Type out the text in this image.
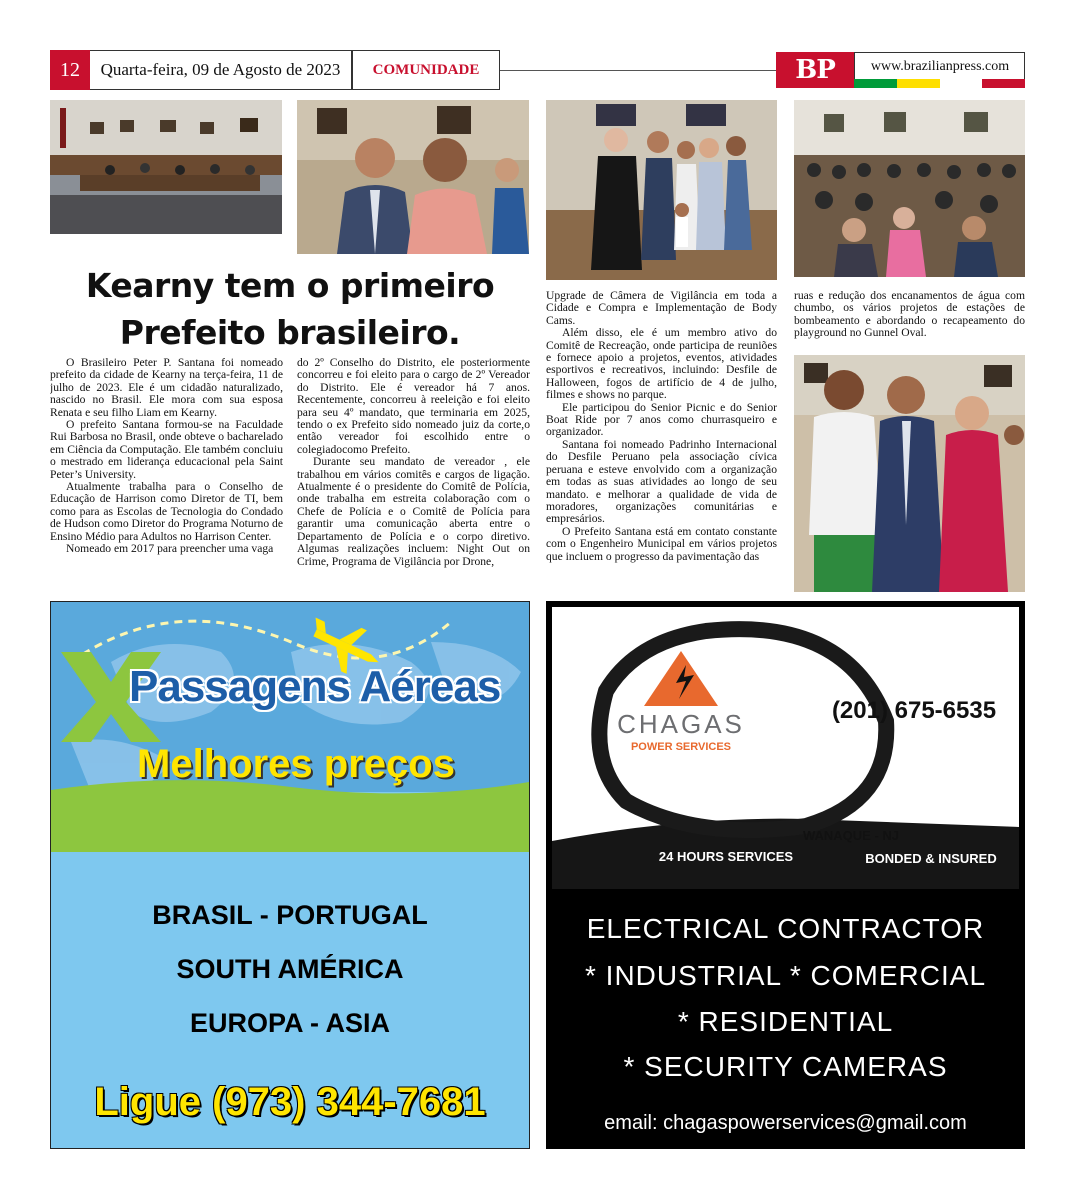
12	Quarta-feira, 09 de Agosto de 2023	COMUNIDADE	BP	www.brazilianpress.com
Kearny tem o primeiro Prefeito brasileiro.

O Brasileiro Peter P. Santana foi nomeado prefeito da cidade de Kearny na terça-feira, 11 de julho de 2023. Ele é um cidadão naturalizado, nascido no Brasil. Ele mora com sua esposa Renata e seu filho Liam em Kearny.

O prefeito Santana formou-se na Faculdade Rui Barbosa no Brasil, onde obteve o bacharelado em Ciência da Computação. Ele também concluiu o mestrado em liderança educacional pela Saint Peter’s University.

Atualmente trabalha para o Conselho de Educação de Harrison como Diretor de TI, bem como para as Escolas de Tecnologia do Condado de Hudson como Diretor do Programa Noturno de Ensino Médio para Adultos no Harrison Center.

Nomeado em 2017 para preencher uma vaga

do 2º Conselho do Distrito, ele posteriormente concorreu e foi eleito para o cargo de 2º Vereador do Distrito. Ele é vereador há 7 anos. Recentemente, concorreu à reeleição e foi eleito para seu 4º mandato, que terminaria em 2025, tendo o ex Prefeito sido nomeado juiz da corte,o então vereador foi escolhido entre o colegiadocomo Prefeito.

Durante seu mandato de vereador , ele trabalhou em vários comitês e cargos de ligação. Atualmente é o presidente do Comitê de Polícia, onde trabalha em estreita colaboração com o Chefe de Polícia e o Comitê de Polícia para garantir uma comunicação aberta entre o Departamento de Polícia e o corpo diretivo. Algumas realizações incluem: Night Out on Crime, Programa de Vigilância por Drone,

Upgrade de Câmera de Vigilância em toda a Cidade e Compra e Implementação de Body Cams.

Além disso, ele é um membro ativo do Comitê de Recreação, onde participa de reuniões e fornece apoio a projetos, eventos, atividades esportivos e recreativos, incluindo: Desfile de Halloween, fogos de artifício de 4 de julho, filmes e shows no parque.

Ele participou do Senior Picnic e do Senior Boat Ride por 7 anos como churrasqueiro e organizador.

Santana foi nomeado Padrinho Internacional do Desfile Peruano pela associação cívica peruana e esteve envolvido com a organização em todas as suas atividades ao longo de seu mandato. e melhorar a qualidade de vida de moradores, organizações comunitárias e empresários.

O Prefeito Santana está em contato constante com o Engenheiro Municipal em vários projetos que incluem o progresso da pavimentação das

ruas e redução dos encanamentos de água com chumbo, os vários projetos de estações de bombeamento e abordando o recapeamento do playground no Gunnel Oval.

Passagens Aéreas
Melhores preços
BRASIL - PORTUGAL
SOUTH AMÉRICA
EUROPA - ASIA
Ligue (973) 344-7681
CHAGAS
POWER SERVICES
(201) 675-6535
WANAQUE - NJ
24 HOURS SERVICES	BONDED & INSURED
ELECTRICAL CONTRACTOR
* INDUSTRIAL * COMERCIAL
* RESIDENTIAL
* SECURITY CAMERAS
email: chagaspowerservices@gmail.com
